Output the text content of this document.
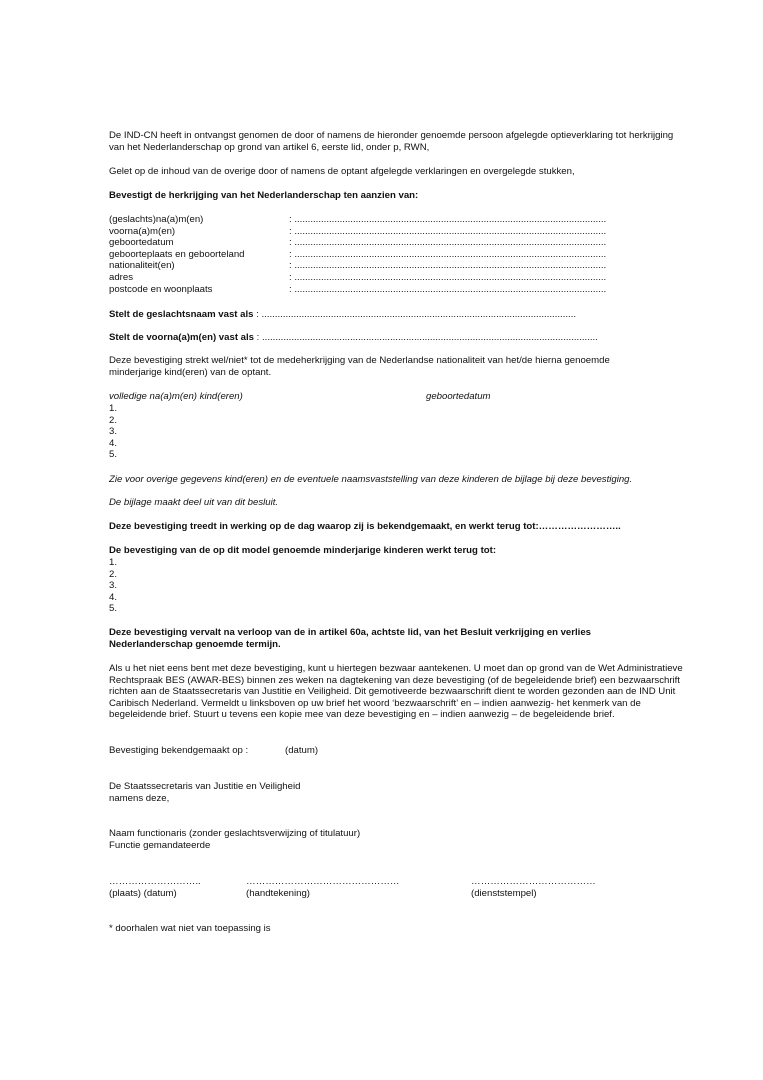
De IND-CN heeft in ontvangst genomen de door of namens de hieronder genoemde persoon afgelegde optieverklaring tot herkrijging van het Nederlanderschap op grond van artikel 6, eerste lid, onder p, RWN,

Gelet op de inhoud van de overige door of namens de optant afgelegde verklaringen en overgelegde stukken,

Bevestigt de herkrijging van het Nederlanderschap ten aanzien van:

(geslachts)na(a)m(en)	: .....................................................................................................................
voorna(a)m(en)	: .....................................................................................................................
geboortedatum	: .....................................................................................................................
geboorteplaats en geboorteland	: .....................................................................................................................
nationaliteit(en)	: .....................................................................................................................
adres	: .....................................................................................................................
postcode en woonplaats	: .....................................................................................................................

Stelt de geslachtsnaam vast als : ......................................................................................................................

Stelt de voorna(a)m(en) vast als : ..............................................................................................................................

Deze bevestiging strekt wel/niet* tot de medeherkrijging van de Nederlandse nationaliteit van het/de hierna genoemde minderjarige kind(eren) van de optant.

volledige na(a)m(en) kind(eren)	geboortedatum
1.
2.
3.
4.
5.

Zie voor overige gegevens kind(eren) en de eventuele naamsvaststelling van deze kinderen de bijlage bij deze bevestiging.

De bijlage maakt deel uit van dit besluit.

Deze bevestiging treedt in werking op de dag waarop zij is bekendgemaakt, en werkt terug tot:……………………..

De bevestiging van de op dit model genoemde minderjarige kinderen werkt terug tot:

1.
2.
3.
4.
5.

Deze bevestiging vervalt na verloop van de in artikel 60a, achtste lid, van het Besluit verkrijging en verlies Nederlanderschap genoemde termijn.

Als u het niet eens bent met deze bevestiging, kunt u hiertegen bezwaar aantekenen. U moet dan op grond van de Wet Administratieve Rechtspraak BES (AWAR-BES) binnen zes weken na dagtekening van deze bevestiging (of de begeleidende brief) een bezwaarschrift richten aan de Staatssecretaris van Justitie en Veiligheid. Dit gemotiveerde bezwaarschrift dient te worden gezonden aan de IND Unit Caribisch Nederland. Vermeldt u linksboven op uw brief het woord ‘bezwaarschrift’ en – indien aanwezig- het kenmerk van de begeleidende brief. Stuurt u tevens een kopie mee van deze bevestiging en – indien aanwezig – de begeleidende brief.

Bevestiging bekendgemaakt op :	(datum)
De Staatssecretaris van Justitie en Veiligheid
namens deze,
Naam functionaris (zonder geslachtsverwijzing of titulatuur)
Functie gemandateerde
………………………..
(plaats) (datum)
…………………………………………
(handtekening)
…………………………………
(dienststempel)

* doorhalen wat niet van toepassing is
